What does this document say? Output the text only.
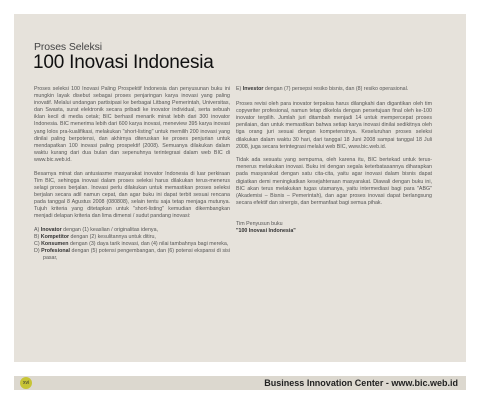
Proses Seleksi
100 Inovasi Indonesia

Proses seleksi 100 Inovasi Paling Prospektif Indonesia dan penyusunan buku ini mungkin layak disebut sebagai proses penjaringan karya inovasi yang paling inovatif. Melalui undangan partisipasi ke berbagai Litbang Pemerintah, Universitas, dan Swasta, surat elektronik secara pribadi ke inovator individual, serta sebuah iklan kecil di media cetak; BIC berhasil menarik minat lebih dari 300 inovator Indonesia. BIC menerima lebih dari 600 karya inovasi, meneview 395 karya inovasi yang lolos pra-kualifikasi, melakukan "short-listing" untuk memilih 200 inovasi yang dinilai paling berpotensi, dan akhirnya diteruskan ke proses penjurian untuk mendapatkan 100 inovasi paling prospektif (2008). Semuanya dilakukan dalam waktu kurang dari dua bulan dan sepenuhnya terintegrasi dalam web BIC di www.bic.web.id.

Besarnya minat dan antusiasme masyarakat inovator Indonesia di luar perkiraan Tim BIC, sehingga inovasi dalam proses seleksi harus dilakukan terus-menerus selagi proses berjalan. Inovasi perlu dilakukan untuk memastikan proses seleksi berjalan secara adil namun cepat, dan agar buku ini dapat terbit sesuai rencana pada tanggal 8 Agustus 2008 (080808), selain tentu saja tetap menjaga mutunya. Tujuh kriteria yang ditetapkan untuk "short-listing" kemudian dikembangkan menjadi delapan kriteria dan lima dimensi / sudut pandang inovasi:

A) Inovator dengan (1) keaslian / originalitas idenya,
B) Kompetitor dengan (2) kesulitannya untuk ditiru,
C) Konsumen dengan (3) daya tarik inovasi, dan (4) nilai tambahnya bagi mereka,
D) Profesional dengan (5) potensi pengembangan, dan (6) potensi ekspansi di sisi pasar,
E) Investor dengan (7) persepsi resiko bisnis, dan (8) resiko operasional.

Proses revisi oleh para inovator terpaksa harus dilangkahi dan digantikan oleh tim copywriter profesional, namun tetap dikelola dengan persetujuan final oleh ke-100 inovator terpilih. Jumlah juri ditambah menjadi 14 untuk mempercepat proses penilaian, dan untuk memastikan bahwa setiap karya inovasi dinilai sedikitnya oleh tiga orang juri sesuai dengan kompetensinya. Keseluruhan proses seleksi dilakukan dalam waktu 30 hari, dari tanggal 18 Juni 2008 sampai tanggal 18 Juli 2008, juga secara terintegrasi melalui web BIC, www.bic.web.id.

Tidak ada sesuatu yang sempurna, oleh karena itu, BIC bertekad untuk terus-menerus melakukan inovasi. Buku ini dengan segala keterbatasannya diharapkan pada masyarakat dengan satu cita-cita, yaitu agar inovasi dalam bisnis dapat digiatkan demi meningkatkan kesejahteraan masyarakat. Diawali dengan buku ini, BIC akan terus melakukan tugas utamanya, yaitu intermediasi bagi para "ABG" (Akademisi – Bisnis – Pemerintah), dan agar proses inovasi dapat berlangsung secara efektif dan sinergis, dan bermanfaat bagi semua pihak.

Tim Penyusun buku
"100 Inovasi Indonesia"
xvi	Business Innovation Center - www.bic.web.id
